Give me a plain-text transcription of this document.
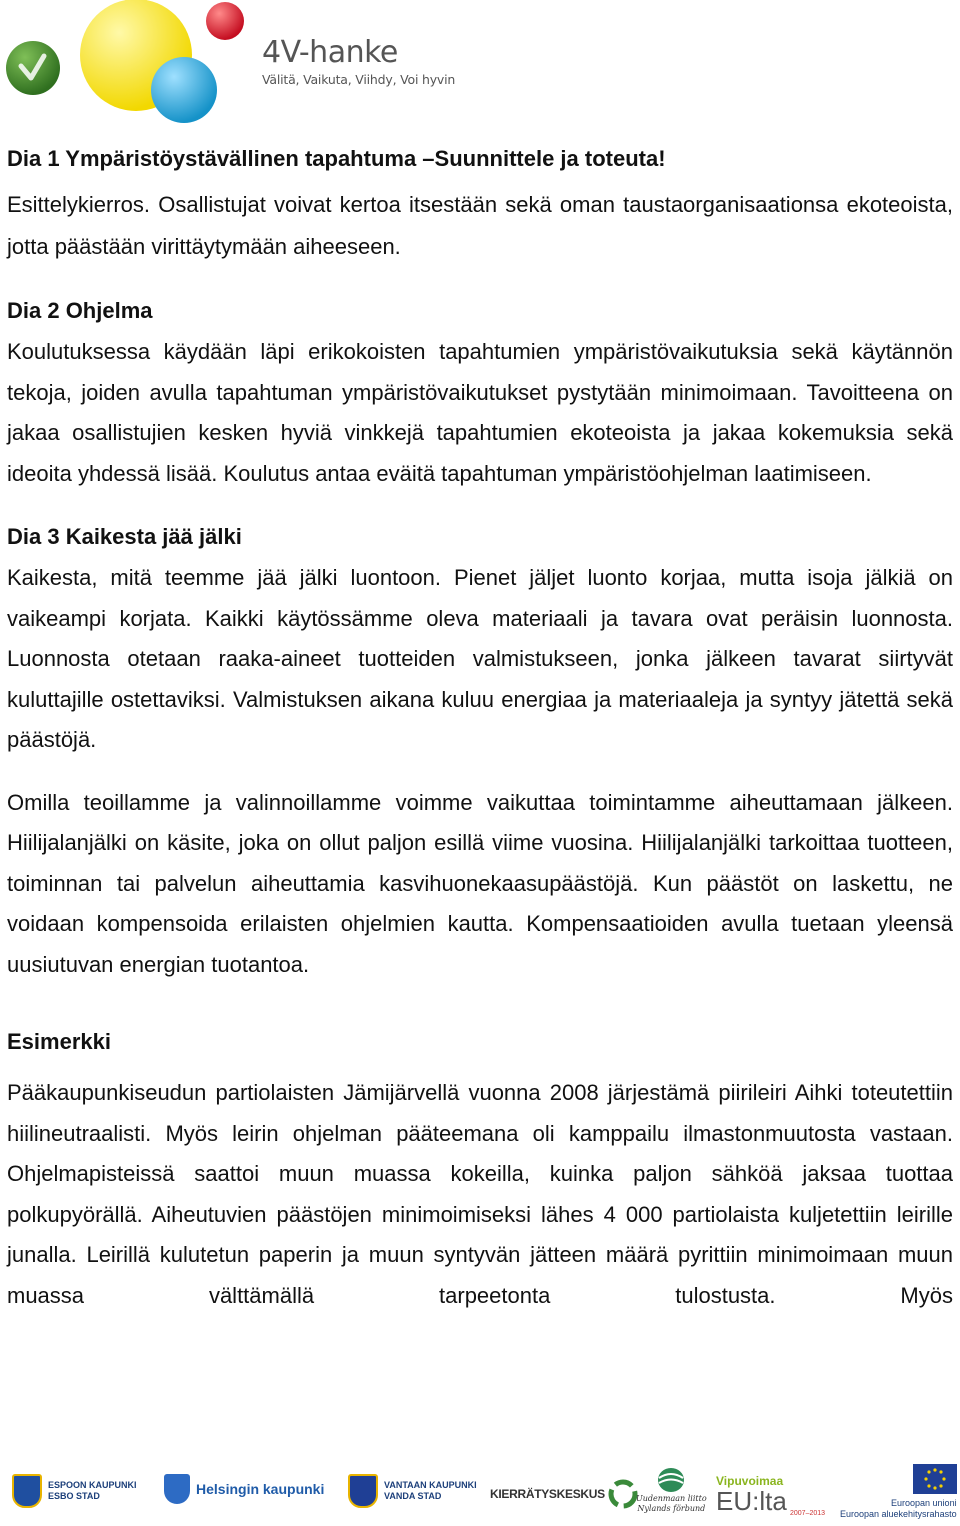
4V-hanke
Välitä, Vaikuta, Viihdy, Voi hyvin
Dia 1 Ympäristöystävällinen tapahtuma –Suunnittele ja toteuta!

Esittelykierros. Osallistujat voivat kertoa itsestään sekä oman taustaorganisaationsa ekoteoista, jotta päästään virittäytymään aiheeseen.

Dia 2 Ohjelma

Koulutuksessa käydään läpi erikokoisten tapahtumien ympäristövaikutuksia sekä käytännön tekoja, joiden avulla tapahtuman ympäristövaikutukset pystytään minimoimaan. Tavoitteena on jakaa osallistujien kesken hyviä vinkkejä tapahtumien ekoteoista ja jakaa kokemuksia sekä ideoita yhdessä lisää. Koulutus antaa eväitä tapahtuman ympäristöohjelman laatimiseen.

Dia 3 Kaikesta jää jälki

Kaikesta, mitä teemme jää jälki luontoon. Pienet jäljet luonto korjaa, mutta isoja jälkiä on vaikeampi korjata. Kaikki käytössämme oleva materiaali ja tavara ovat peräisin luonnosta. Luonnosta otetaan raaka-aineet tuotteiden valmistukseen, jonka jälkeen tavarat siirtyvät kuluttajille ostettaviksi. Valmistuksen aikana kuluu energiaa ja materiaaleja ja syntyy jätettä sekä päästöjä.

Omilla teoillamme ja valinnoillamme voimme vaikuttaa toimintamme aiheuttamaan jälkeen. Hiilijalanjälki on käsite, joka on ollut paljon esillä viime vuosina. Hiilijalanjälki tarkoittaa tuotteen, toiminnan tai palvelun aiheuttamia kasvihuonekaasupäästöjä. Kun päästöt on laskettu, ne voidaan kompensoida erilaisten ohjelmien kautta. Kompensaatioiden avulla tuetaan yleensä uusiutuvan energian tuotantoa.

Esimerkki

Pääkaupunkiseudun partiolaisten Jämijärvellä vuonna 2008 järjestämä piirileiri Aihki toteutettiin hiilineutraalisti. Myös leirin ohjelman pääteemana oli kamppailu ilmastonmuutosta vastaan. Ohjelmapisteissä saattoi muun muassa kokeilla, kuinka paljon sähköä jaksaa tuottaa polkupyörällä. Aiheutuvien päästöjen minimoimiseksi lähes 4 000 partiolaista kuljetettiin leirille junalla. Leirillä kulutetun paperin ja muun syntyvän jätteen määrä pyrittiin minimoimaan muun muassa välttämällä tarpeetonta tulostusta. Myös

ESPOON KAUPUNKI
ESBO STAD	Helsingin kaupunki	VANTAAN KAUPUNKI
VANDA STAD	KIERRÄTYSKESKUS	Uudenmaan liitto
Nylands förbund
Vipuvoimaa
EU:lta 2007–2013
Euroopan unioni
Euroopan aluekehitysrahasto
